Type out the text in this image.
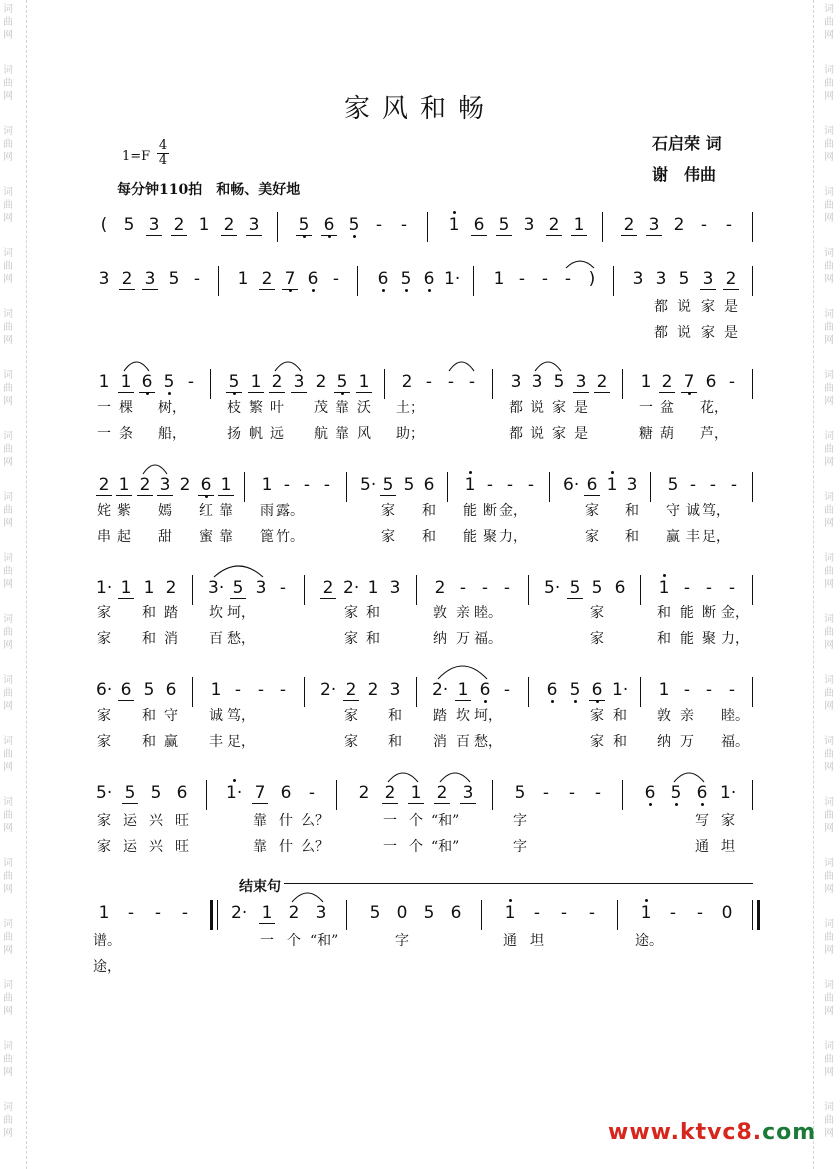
词
曲
网
词
曲
网
词
曲
网
词
曲
网
词
曲
网
词
曲
网
词
曲
网
词
曲
网
词
曲
网
词
曲
网
词
曲
网
词
曲
网
词
曲
网
词
曲
网
词
曲
网
词
曲
网
词
曲
网
词
曲
网
词
曲
网
词
曲
网
词
曲
网
词
曲
网
词
曲
网
词
曲
网
词
曲
网
词
曲
网
词
曲
网
词
曲
网
词
曲
网
词
曲
网
词
曲
网
词
曲
网
词
曲
网
词
曲
网
词
曲
网
词
曲
网
词
曲
网
词
曲
网
家风和畅
石启荣 词
谢　伟曲
$1=F \frac{4}{4}$
每分钟110拍　和畅、美好地
( 5 3 2 1 2 3 5 6 5 - - 1 6 5 3 2 1 2 3 2 - -
3 2 3 5 - 1 2 7 6 - 6 5 6 1· 1 - - - ) 3 3 5 3 2
都 说 家 是
都 说 家 是
1 1 6 5 - 5 1 2 3 2 5 1 2 - - - 3 3 5 3 2 1 2 7 6 -
一 棵 树，	枝 繁 叶 茂 靠 沃 土；	都 说 家 是	一 盆 花，
一 条 船，	扬 帆 远 航 靠 风 助；	都 说 家 是	糖 葫 芦，
2 1 2 3 2 6 1 1 - - - 5· 5 5 6 1 - - - 6· 6 1 3 5 - - -
姹 紫 嫣 红 靠 雨 露。	家 和 能 断 金，	家 和 守 诚 笃，
串 起 甜 蜜 靠 篦 竹。	家 和 能 聚 力，	家 和 赢 丰 足，
1· 1 1 2 3· 5 3 - 2 2· 1 3 2 - - - 5· 5 5 6 1 - - -
家 和 踏 坎 坷，	家 和	敦 亲 睦。	家	和 能 断 金，
家 和 消 百 愁，	家 和	纳 万 福。	家	和 能 聚 力，
6· 6 5 6 1 - - - 2· 2 2 3 2· 1 6 - 6 5 6 1· 1 - - -
家 和 守 诚 笃，	家 和 踏 坎 坷，	家 和 敦 亲 睦。
家 和 赢 丰 足，	家 和 消 百 愁，	家 和 纳 万 福。
5· 5 5 6 1· 7 6 -	2 2 1 2 3 5 - - -	6 5 6 1·
家 运 兴 旺	靠 什 么？	一 个 “和”	字	写 家
家 运 兴 旺	靠 什 么？	一 个 “和”	字	通 坦
1 - - -	2· 1 2 3	5 0 5 6	1 - - -	1 - - 0
谱。	一 个 “和”	字	通 坦	途。
途，
结束句
www.ktvc8.com
